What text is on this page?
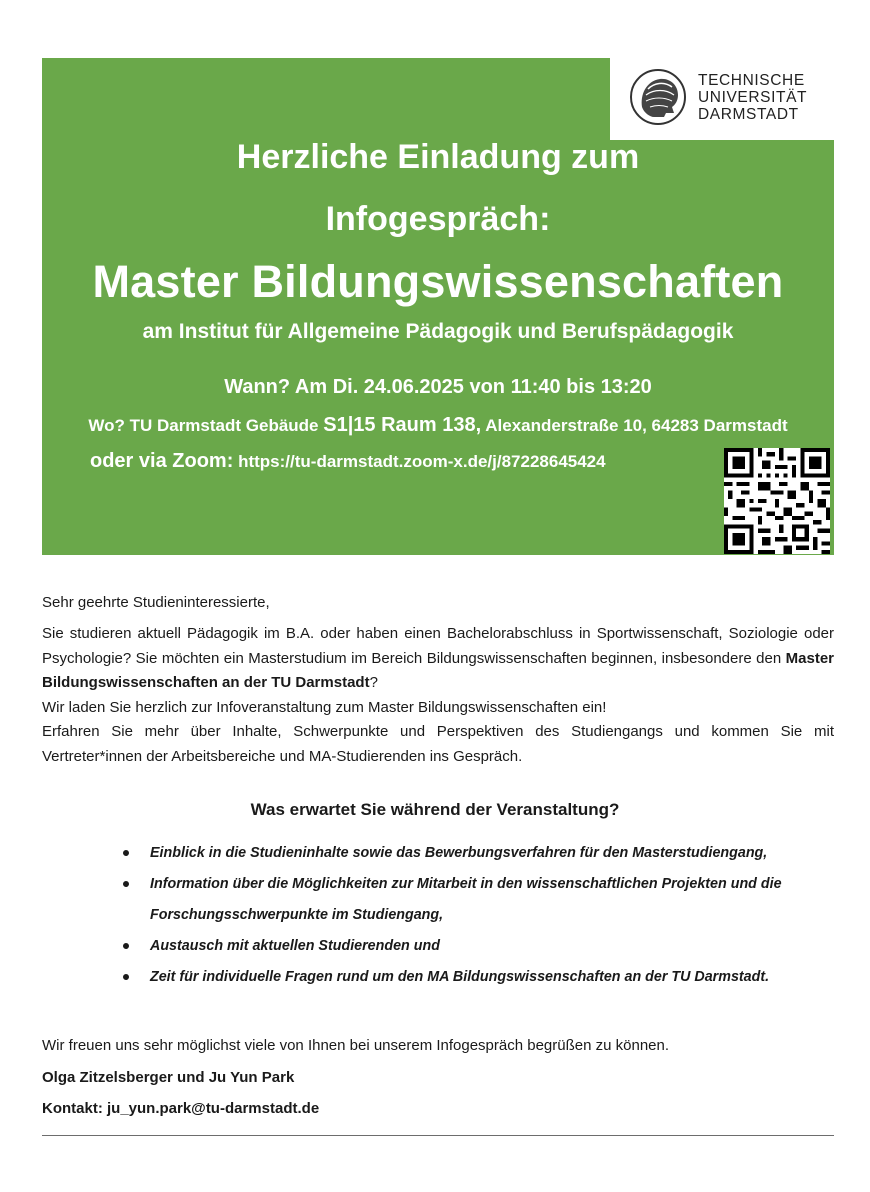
TECHNISCHE
UNIVERSITÄT
DARMSTADT
Herzliche Einladung zum
Infogespräch:
Master Bildungswissenschaften
am Institut für Allgemeine Pädagogik und Berufspädagogik
Wann? Am Di. 24.06.2025 von 11:40 bis 13:20
Wo? TU Darmstadt Gebäude S1|15 Raum 138, Alexanderstraße 10, 64283 Darmstadt
oder via Zoom: https://tu-darmstadt.zoom-x.de/j/87228645424
Sehr geehrte Studieninteressierte,

Sie studieren aktuell Pädagogik im B.A. oder haben einen Bachelorabschluss in Sportwissenschaft, Soziologie oder Psychologie? Sie möchten ein Masterstudium im Bereich Bildungswissenschaften beginnen, insbesondere den Master Bildungswissenschaften an der TU Darmstadt?

Wir laden Sie herzlich zur Infoveranstaltung zum Master Bildungswissenschaften ein!

Erfahren Sie mehr über Inhalte, Schwerpunkte und Perspektiven des Studiengangs und kommen Sie mit Vertreter*innen der Arbeitsbereiche und MA-Studierenden ins Gespräch.

Was erwartet Sie während der Veranstaltung?
Einblick in die Studieninhalte sowie das Bewerbungsverfahren für den Masterstudiengang,
Information über die Möglichkeiten zur Mitarbeit in den wissenschaftlichen Projekten und die Forschungsschwerpunkte im Studiengang,
Austausch mit aktuellen Studierenden und
Zeit für individuelle Fragen rund um den MA Bildungswissenschaften an der TU Darmstadt.
Wir freuen uns sehr möglichst viele von Ihnen bei unserem Infogespräch begrüßen zu können.
Olga Zitzelsberger und Ju Yun Park
Kontakt: ju_yun.park@tu-darmstadt.de
